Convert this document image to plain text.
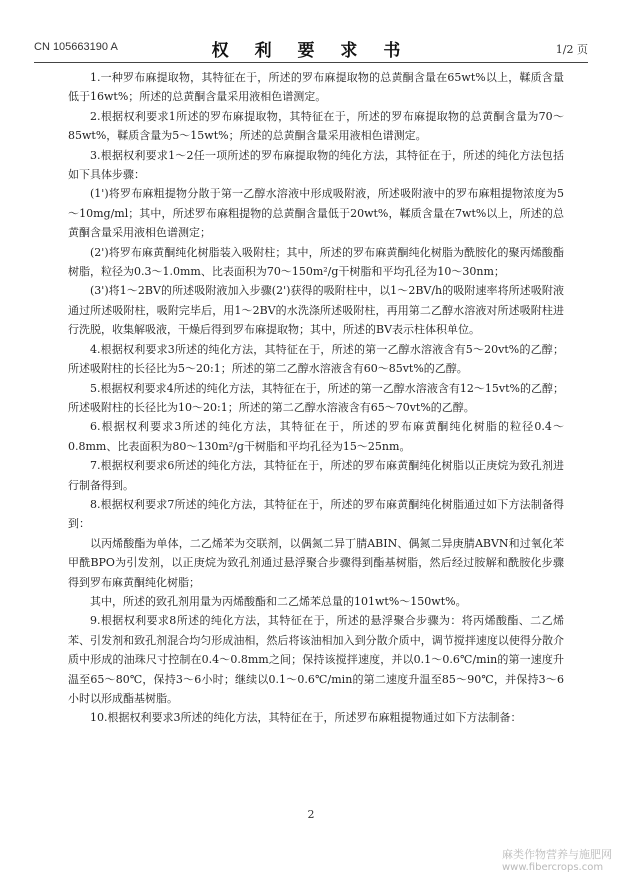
CN 105663190 A	权 利 要 求 书	1/2 页

1.一种罗布麻提取物，其特征在于，所述的罗布麻提取物的总黄酮含量在65wt%以上，鞣质含量低于16wt%；所述的总黄酮含量采用液相色谱测定。

2.根据权利要求1所述的罗布麻提取物，其特征在于，所述的罗布麻提取物的总黄酮含量为70～85wt%，鞣质含量为5～15wt%；所述的总黄酮含量采用液相色谱测定。

3.根据权利要求1～2任一项所述的罗布麻提取物的纯化方法，其特征在于，所述的纯化方法包括如下具体步骤：

(1')将罗布麻粗提物分散于第一乙醇水溶液中形成吸附液，所述吸附液中的罗布麻粗提物浓度为5～10mg/ml；其中，所述罗布麻粗提物的总黄酮含量低于20wt%，鞣质含量在7wt%以上，所述的总黄酮含量采用液相色谱测定；

(2')将罗布麻黄酮纯化树脂装入吸附柱；其中，所述的罗布麻黄酮纯化树脂为酰胺化的聚丙烯酸酯树脂，粒径为0.3～1.0mm、比表面积为70～150m²/g干树脂和平均孔径为10～30nm；

(3')将1～2BV的所述吸附液加入步骤(2')获得的吸附柱中，以1～2BV/h的吸附速率将所述吸附液通过所述吸附柱，吸附完毕后，用1～2BV的水洗涤所述吸附柱，再用第二乙醇水溶液对所述吸附柱进行洗脱，收集解吸液，干燥后得到罗布麻提取物；其中，所述的BV表示柱体积单位。

4.根据权利要求3所述的纯化方法，其特征在于，所述的第一乙醇水溶液含有5～20vt%的乙醇；所述吸附柱的长径比为5～20:1；所述的第二乙醇水溶液含有60～85vt%的乙醇。

5.根据权利要求4所述的纯化方法，其特征在于，所述的第一乙醇水溶液含有12～15vt%的乙醇；所述吸附柱的长径比为10～20:1；所述的第二乙醇水溶液含有65～70vt%的乙醇。

6.根据权利要求3所述的纯化方法，其特征在于，所述的罗布麻黄酮纯化树脂的粒径0.4～0.8mm、比表面积为80～130m²/g干树脂和平均孔径为15～25nm。

7.根据权利要求6所述的纯化方法，其特征在于，所述的罗布麻黄酮纯化树脂以正庚烷为致孔剂进行制备得到。

8.根据权利要求7所述的纯化方法，其特征在于，所述的罗布麻黄酮纯化树脂通过如下方法制备得到：

以丙烯酸酯为单体，二乙烯苯为交联剂，以偶氮二异丁腈ABIN、偶氮二异庚腈ABVN和过氧化苯甲酰BPO为引发剂，以正庚烷为致孔剂通过悬浮聚合步骤得到酯基树脂，然后经过胺解和酰胺化步骤得到罗布麻黄酮纯化树脂；

其中，所述的致孔剂用量为丙烯酸酯和二乙烯苯总量的101wt%～150wt%。

9.根据权利要求8所述的纯化方法，其特征在于，所述的悬浮聚合步骤为：将丙烯酸酯、二乙烯苯、引发剂和致孔剂混合均匀形成油相，然后将该油相加入到分散介质中，调节搅拌速度以使得分散介质中形成的油珠尺寸控制在0.4～0.8mm之间；保持该搅拌速度，并以0.1～0.6℃/min的第一速度升温至65～80℃，保持3～6小时；继续以0.1～0.6℃/min的第二速度升温至85～90℃，并保持3～6小时以形成酯基树脂。

10.根据权利要求3所述的纯化方法，其特征在于，所述罗布麻粗提物通过如下方法制备：

2
麻类作物营养与施肥网
www.fibercrops.com
